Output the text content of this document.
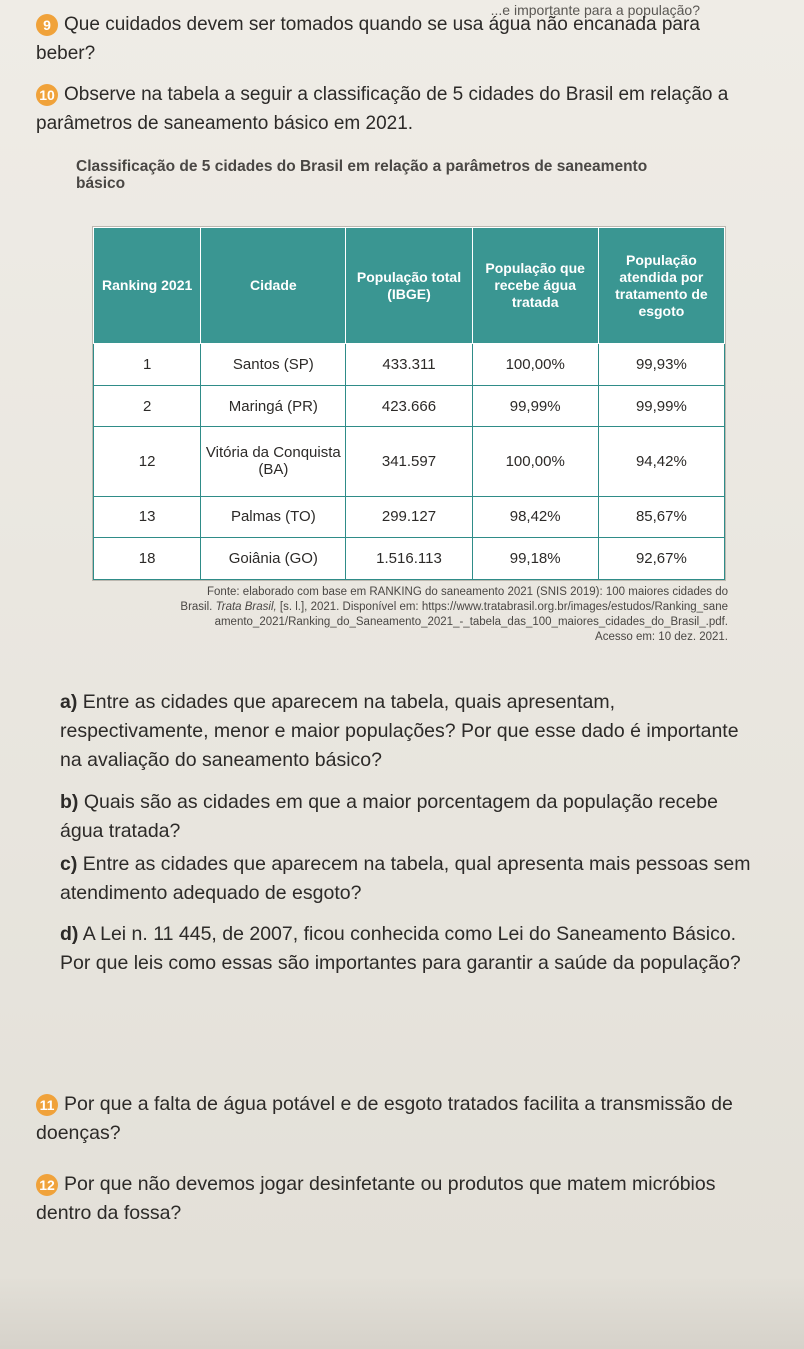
...e importante para a população?
9 Que cuidados devem ser tomados quando se usa água não encanada para beber?
10 Observe na tabela a seguir a classificação de 5 cidades do Brasil em relação a parâmetros de saneamento básico em 2021.
Classificação de 5 cidades do Brasil em relação a parâmetros de saneamento básico
Ranking 2021	Cidade	População total (IBGE)	População que recebe água tratada	População atendida por tratamento de esgoto
1	Santos (SP)	433.311	100,00%	99,93%
2	Maringá (PR)	423.666	99,99%	99,99%
12	Vitória da Conquista (BA)	341.597	100,00%	94,42%
13	Palmas (TO)	299.127	98,42%	85,67%
18	Goiânia (GO)	1.516.113	99,18%	92,67%
Fonte: elaborado com base em RANKING do saneamento 2021 (SNIS 2019): 100 maiores cidades do Brasil. Trata Brasil, [s. l.], 2021. Disponível em: https://www.tratabrasil.org.br/images/estudos/Ranking_saneamento_2021/Ranking_do_Saneamento_2021_-_tabela_das_100_maiores_cidades_do_Brasil_.pdf. Acesso em: 10 dez. 2021.
a) Entre as cidades que aparecem na tabela, quais apresentam, respectivamente, menor e maior populações? Por que esse dado é importante na avaliação do saneamento básico?
b) Quais são as cidades em que a maior porcentagem da população recebe água tratada?
c) Entre as cidades que aparecem na tabela, qual apresenta mais pessoas sem atendimento adequado de esgoto?
d) A Lei n. 11 445, de 2007, ficou conhecida como Lei do Saneamento Básico. Por que leis como essas são importantes para garantir a saúde da população?
11 Por que a falta de água potável e de esgoto tratados facilita a transmissão de doenças?
12 Por que não devemos jogar desinfetante ou produtos que matem micróbios dentro da fossa?
